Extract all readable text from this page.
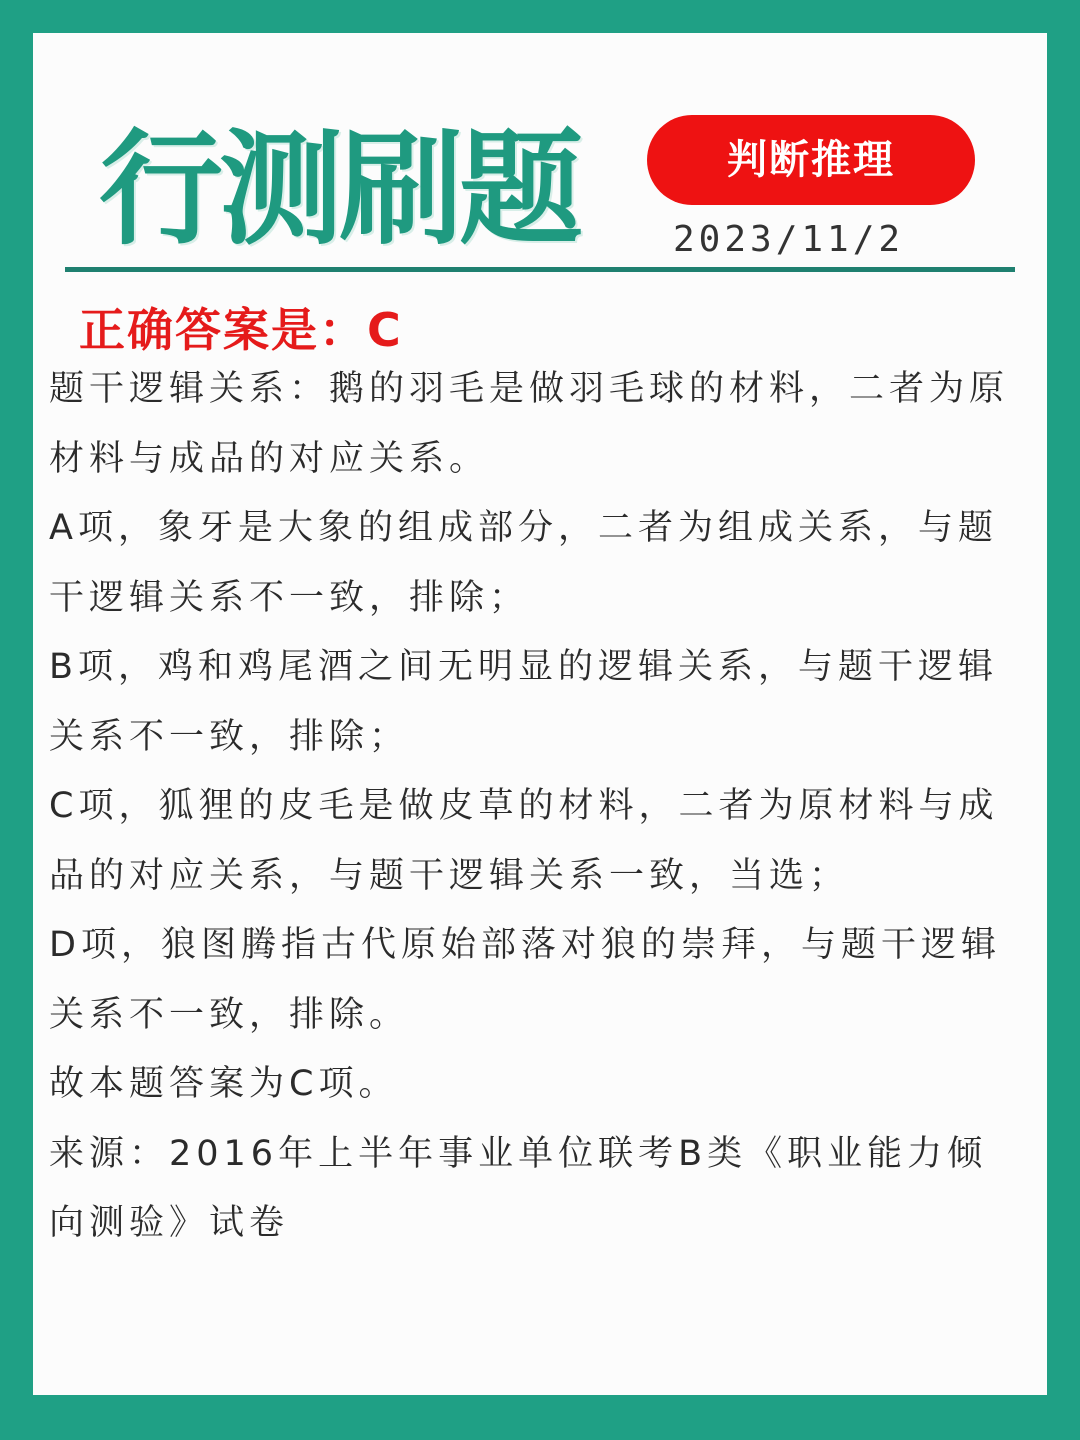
行测刷题	判断推理
2023/11/2
正确答案是：C

题干逻辑关系：鹅的羽毛是做羽毛球的材料，二者为原材料与成品的对应关系。

A项，象牙是大象的组成部分，二者为组成关系，与题干逻辑关系不一致，排除；

B项，鸡和鸡尾酒之间无明显的逻辑关系，与题干逻辑关系不一致，排除；

C项，狐狸的皮毛是做皮草的材料，二者为原材料与成品的对应关系，与题干逻辑关系一致，当选；

D项，狼图腾指古代原始部落对狼的崇拜，与题干逻辑关系不一致，排除。

故本题答案为C项。

来源：2016年上半年事业单位联考B类《职业能力倾向测验》试卷
